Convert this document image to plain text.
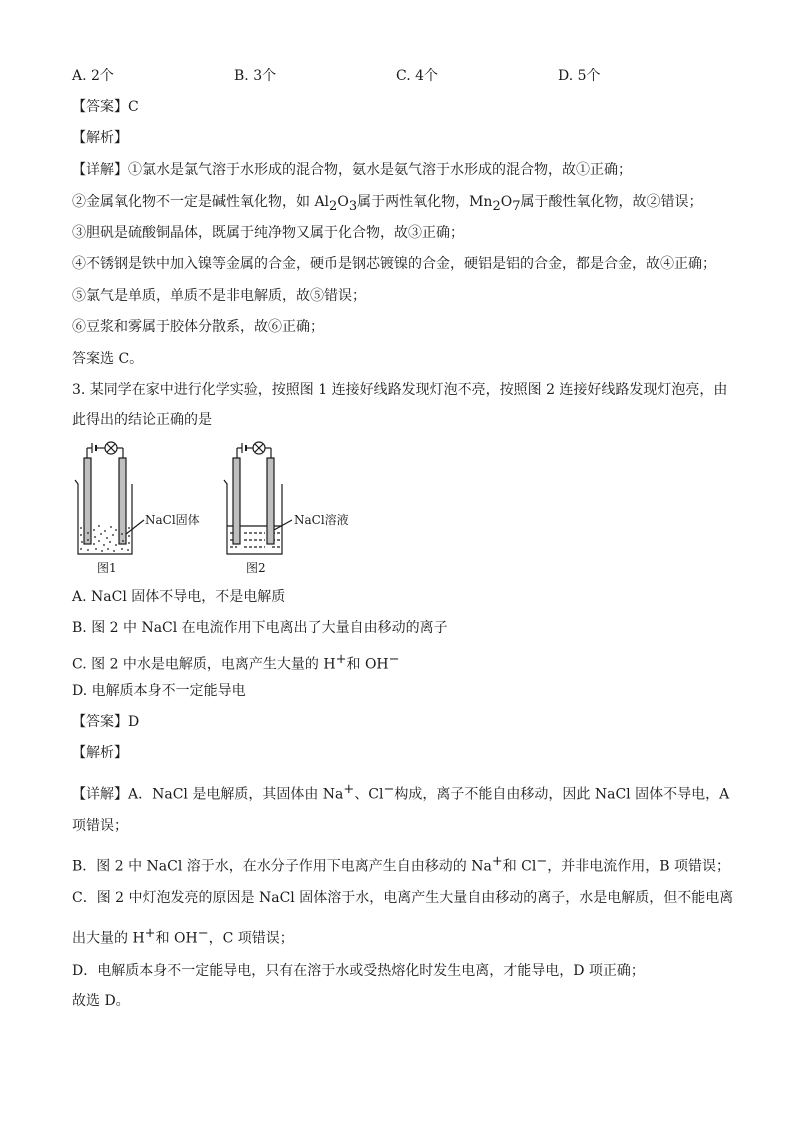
A. 2个	B. 3个	C. 4个	D. 5个
【答案】C
【解析】
【详解】①氯水是氯气溶于水形成的混合物，氨水是氨气溶于水形成的混合物，故①正确；
②金属氧化物不一定是碱性氧化物，如 $Al_2O_3$属于两性氧化物，$Mn_2O_7$属于酸性氧化物，故②错误；
③胆矾是硫酸铜晶体，既属于纯净物又属于化合物，故③正确；
④不锈钢是铁中加入镍等金属的合金，硬币是钢芯镀镍的合金，硬铝是铝的合金，都是合金，故④正确；
⑤氯气是单质，单质不是非电解质，故⑤错误；
⑥豆浆和雾属于胶体分散系，故⑥正确；
答案选 C。
3. 某同学在家中进行化学实验，按照图 1 连接好线路发现灯泡不亮，按照图 2 连接好线路发现灯泡亮，由
此得出的结论正确的是
NaCl固体
图1
NaCl溶液
图2
A. NaCl 固体不导电，不是电解质
B. 图 2 中 NaCl 在电流作用下电离出了大量自由移动的离子
C. 图 2 中水是电解质，电离产生大量的 H+和 OH−
D. 电解质本身不一定能导电
【答案】D
【解析】
【详解】A．NaCl 是电解质，其固体由 Na+、Cl−构成，离子不能自由移动，因此 NaCl 固体不导电，A
项错误；
B．图 2 中 NaCl 溶于水，在水分子作用下电离产生自由移动的 Na+和 Cl−，并非电流作用，B 项错误；
C．图 2 中灯泡发亮的原因是 NaCl 固体溶于水，电离产生大量自由移动的离子，水是电解质，但不能电离
出大量的 H+和 OH−，C 项错误；
D．电解质本身不一定能导电，只有在溶于水或受热熔化时发生电离，才能导电，D 项正确；
故选 D。
